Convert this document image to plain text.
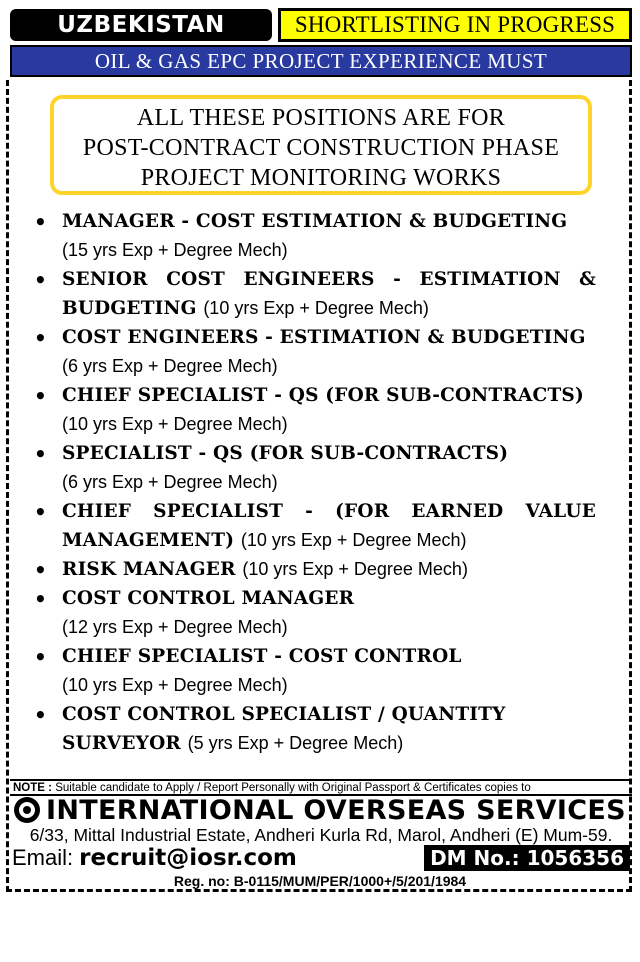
UZBEKISTAN	SHORTLISTING IN PROGRESS
OIL & GAS EPC PROJECT EXPERIENCE MUST
ALL THESE POSITIONS ARE FOR
POST-CONTRACT CONSTRUCTION PHASE
PROJECT MONITORING WORKS
• MANAGER - COST ESTIMATION & BUDGETING
(15 yrs Exp + Degree Mech)
• SENIOR COST ENGINEERS - ESTIMATION & BUDGETING (10 yrs Exp + Degree Mech)
• COST ENGINEERS - ESTIMATION & BUDGETING
(6 yrs Exp + Degree Mech)
• CHIEF SPECIALIST - QS (FOR SUB-CONTRACTS)
(10 yrs Exp + Degree Mech)
• SPECIALIST - QS (FOR SUB-CONTRACTS)
(6 yrs Exp + Degree Mech)
• CHIEF SPECIALIST - (FOR EARNED VALUE MANAGEMENT) (10 yrs Exp + Degree Mech)
• RISK MANAGER (10 yrs Exp + Degree Mech)
• COST CONTROL MANAGER
(12 yrs Exp + Degree Mech)
• CHIEF SPECIALIST - COST CONTROL
(10 yrs Exp + Degree Mech)
• COST CONTROL SPECIALIST / QUANTITY SURVEYOR (5 yrs Exp + Degree Mech)
NOTE : Suitable candidate to Apply / Report Personally with Original Passport & Certificates copies to
INTERNATIONAL OVERSEAS SERVICES
6/33, Mittal Industrial Estate, Andheri Kurla Rd, Marol, Andheri (E) Mum-59.
Email: recruit@iosr.com	DM No.: 1056356
Reg. no: B-0115/MUM/PER/1000+/5/201/1984
